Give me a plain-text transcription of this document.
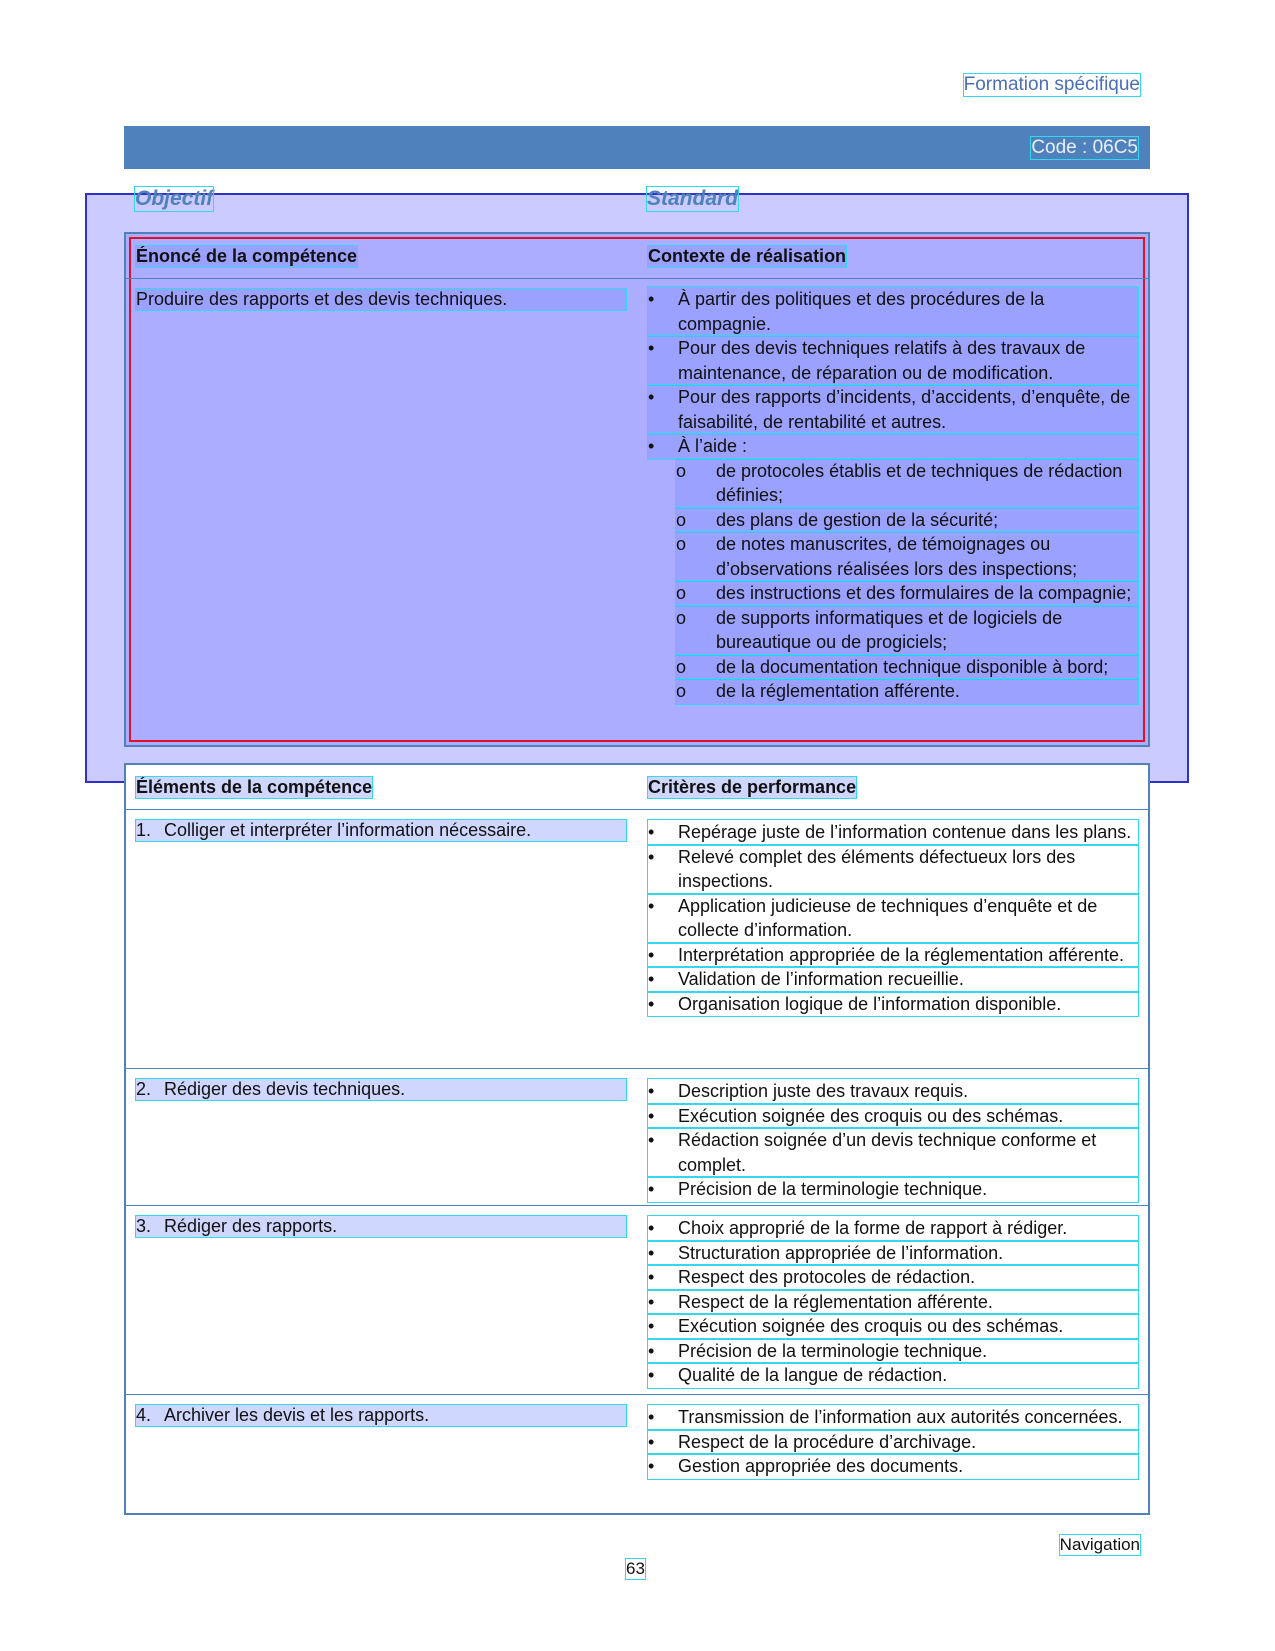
Formation spécifique
Code : 06C5
Objectif	Standard
Énoncé de la compétence	Contexte de réalisation
Produire des rapports et des devis techniques.	• À partir des politiques et des procédures de la compagnie.
• Pour des devis techniques relatifs à des travaux de maintenance, de réparation ou de modification.
• Pour des rapports d’incidents, d’accidents, d’enquête, de faisabilité, de rentabilité et autres.
• À l’aide :
o de protocoles établis et de techniques de rédaction définies;
o des plans de gestion de la sécurité;
o de notes manuscrites, de témoignages ou d’observations réalisées lors des inspections;
o des instructions et des formulaires de la compagnie;
o de supports informatiques et de logiciels de bureautique ou de progiciels;
o de la documentation technique disponible à bord;
o de la réglementation afférente.
Éléments de la compétence	Critères de performance
1. Colliger et interpréter l’information nécessaire.	• Repérage juste de l’information contenue dans les plans.
• Relevé complet des éléments défectueux lors des inspections.
• Application judicieuse de techniques d’enquête et de collecte d’information.
• Interprétation appropriée de la réglementation afférente.
• Validation de l’information recueillie.
• Organisation logique de l’information disponible.
2. Rédiger des devis techniques.	• Description juste des travaux requis.
• Exécution soignée des croquis ou des schémas.
• Rédaction soignée d’un devis technique conforme et complet.
• Précision de la terminologie technique.
3. Rédiger des rapports.	• Choix approprié de la forme de rapport à rédiger.
• Structuration appropriée de l’information.
• Respect des protocoles de rédaction.
• Respect de la réglementation afférente.
• Exécution soignée des croquis ou des schémas.
• Précision de la terminologie technique.
• Qualité de la langue de rédaction.
4. Archiver les devis et les rapports.	• Transmission de l’information aux autorités concernées.
• Respect de la procédure d’archivage.
• Gestion appropriée des documents.
Navigation
63
